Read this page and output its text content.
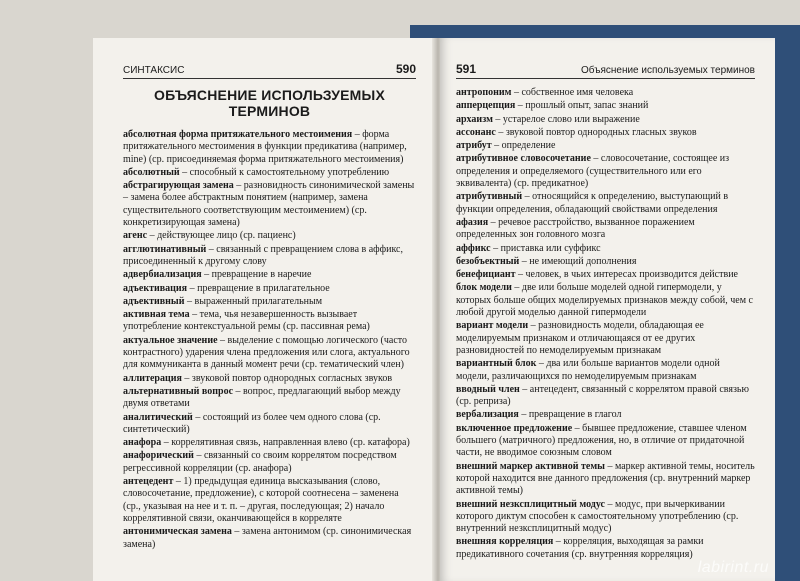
СИНТАКСИС	590
ОБЪЯСНЕНИЕ ИСПОЛЬЗУЕМЫХ ТЕРМИНОВ

абсолютная форма притяжательного местоимения – форма притяжательного местоимения в функции предикатива (например, mine) (ср. присоединяемая форма притяжательного местоимения)

абсолютный – способный к самостоятельному употреблению

абстрагирующая замена – разновидность синонимической замены – замена более абстрактным понятием (например, замена существительного соответствующим местоимением) (ср. конкретизирующая замена)

агенс – действующее лицо (ср. пациенс)

агглютинативный – связанный с превращением слова в аффикс, присоединенный к другому слову

адвербиализация – превращение в наречие

адъективация – превращение в прилагательное

адъективный – выраженный прилагательным

активная тема – тема, чья незавершенность вызывает употребление контекстуальной ремы (ср. пассивная рема)

актуальное значение – выделение с помощью логического (часто контрастного) ударения члена предложения или слога, актуального для коммуниканта в данный момент речи (ср. тематический член)

аллитерация – звуковой повтор однородных согласных звуков

альтернативный вопрос – вопрос, предлагающий выбор между двумя ответами

аналитический – состоящий из более чем одного слова (ср. синтетический)

анафора – коррелятивная связь, направленная влево (ср. катафора)

анафорический – связанный со своим коррелятом посредством регрессивной корреляции (ср. анафора)

антецедент – 1) предыдущая единица высказывания (слово, словосочетание, предложение), с которой соотнесена – заменена (ср., указывая на нее и т. п. – другая, последующая; 2) начало коррелятивной связи, оканчивающейся в корреляте

антонимическая замена – замена антонимом (ср. синонимическая замена)

591	Объяснение используемых терминов

антропоним – собственное имя человека

апперцепция – прошлый опыт, запас знаний

архаизм – устарелое слово или выражение

ассонанс – звуковой повтор однородных гласных звуков

атрибут – определение

атрибутивное словосочетание – словосочетание, состоящее из определения и определяемого (существительного или его эквивалента) (ср. предикатное)

атрибутивный – относящийся к определению, выступающий в функции определения, обладающий свойствами определения

афазия – речевое расстройство, вызванное поражением определенных зон головного мозга

аффикс – приставка или суффикс

безобъектный – не имеющий дополнения

бенефициант – человек, в чьих интересах производится действие

блок модели – две или больше моделей одной гипермодели, у которых больше общих моделируемых признаков между собой, чем с любой другой моделью данной гипермодели

вариант модели – разновидность модели, обладающая ее моделируемым признаком и отличающаяся от ее других разновидностей по немоделируемым признакам

вариантный блок – два или больше вариантов модели одной модели, различающихся по немоделируемым признакам

вводный член – антецедент, связанный с коррелятом правой связью (ср. репризa)

вербализация – превращение в глагол

включенное предложение – бывшее предложение, ставшее членом большего (матричного) предложения, но, в отличие от придаточной части, не вводимое союзным словом

внешний маркер активной темы – маркер активной темы, носитель которой находится вне данного предложения (ср. внутренний маркер активной темы)

внешний незксплицитный модус – модус, при вычеркивании которого диктум способен к самостоятельному употреблению (ср. внутренний незксплицитный модус)

внешняя корреляция – корреляция, выходящая за рамки предикативного сочетания (ср. внутренняя корреляция)

labirint.ru
